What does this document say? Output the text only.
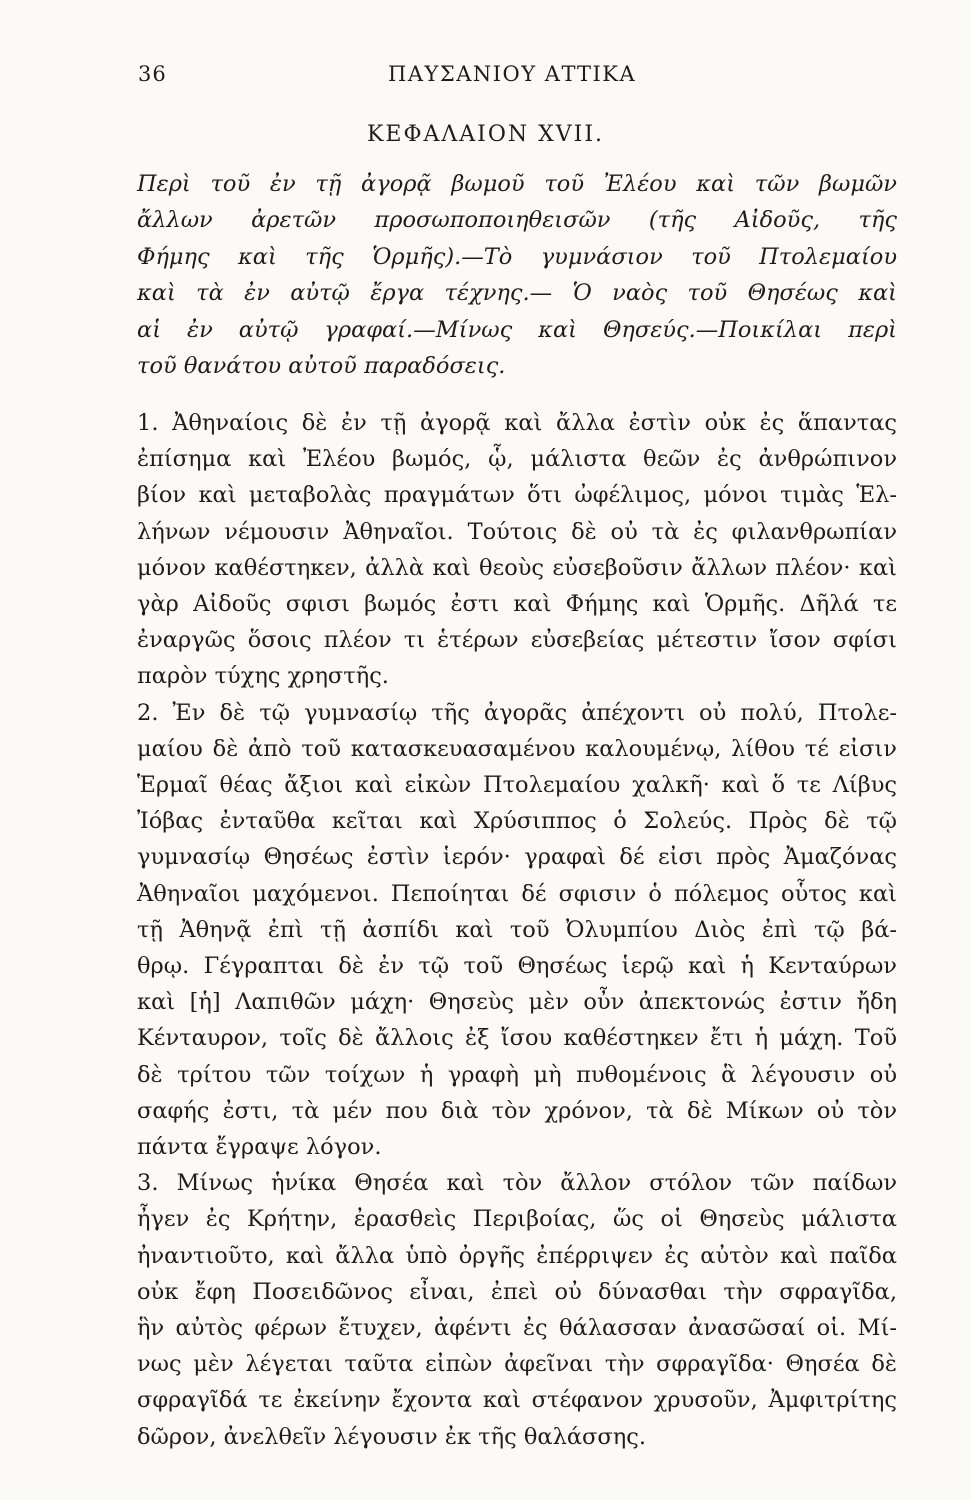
36	ΠΑΥΣΑΝΙΟΥ ΑΤΤΙΚΑ
ΚΕΦΑΛΑΙΟΝ XVII.
Περὶ τοῦ ἐν τῇ ἀγορᾷ βωμοῦ τοῦ Ἐλέου καὶ τῶν βωμῶν
ἄλλων ἀρετῶν προσωποποιηθεισῶν (τῆς Αἰδοῦς, τῆς
Φήμης καὶ τῆς Ὁρμῆς).—Τὸ γυμνάσιον τοῦ Πτολεμαίου
καὶ τὰ ἐν αὐτῷ ἔργα τέχνης.— Ὁ ναὸς τοῦ Θησέως καὶ
αἱ ἐν αὐτῷ γραφαί.—Μίνως καὶ Θησεύς.—Ποικίλαι περὶ
τοῦ θανάτου αὐτοῦ παραδόσεις.
1. Ἀθηναίοις δὲ ἐν τῇ ἀγορᾷ καὶ ἄλλα ἐστὶν οὐκ ἐς ἅπαντας
ἐπίσημα καὶ Ἐλέου βωμός, ᾧ, μάλιστα θεῶν ἐς ἀνθρώπινον
βίον καὶ μεταβολὰς πραγμάτων ὅτι ὠφέλιμος, μόνοι τιμὰς Ἑλ-
λήνων νέμουσιν Ἀθηναῖοι. Τούτοις δὲ οὐ τὰ ἐς φιλανθρωπίαν
μόνον καθέστηκεν, ἀλλὰ καὶ θεοὺς εὐσεβοῦσιν ἄλλων πλέον· καὶ
γὰρ Αἰδοῦς σφισι βωμός ἐστι καὶ Φήμης καὶ Ὁρμῆς. Δῆλά τε
ἐναργῶς ὅσοις πλέον τι ἑτέρων εὐσεβείας μέτεστιν ἴσον σφίσι
παρὸν τύχης χρηστῆς.
2. Ἐν δὲ τῷ γυμνασίῳ τῆς ἀγορᾶς ἀπέχοντι οὐ πολύ, Πτολε-
μαίου δὲ ἀπὸ τοῦ κατασκευασαμένου καλουμένῳ, λίθου τέ εἰσιν
Ἑρμαῖ θέας ἄξιοι καὶ εἰκὼν Πτολεμαίου χαλκῆ· καὶ ὅ τε Λίβυς
Ἰόβας ἐνταῦθα κεῖται καὶ Χρύσιππος ὁ Σολεύς. Πρὸς δὲ τῷ
γυμνασίῳ Θησέως ἐστὶν ἱερόν· γραφαὶ δέ εἰσι πρὸς Ἀμαζόνας
Ἀθηναῖοι μαχόμενοι. Πεποίηται δέ σφισιν ὁ πόλεμος οὗτος καὶ
τῇ Ἀθηνᾷ ἐπὶ τῇ ἀσπίδι καὶ τοῦ Ὀλυμπίου Διὸς ἐπὶ τῷ βά-
θρῳ. Γέγραπται δὲ ἐν τῷ τοῦ Θησέως ἱερῷ καὶ ἡ Κενταύρων
καὶ [ἡ] Λαπιθῶν μάχη· Θησεὺς μὲν οὖν ἀπεκτονώς ἐστιν ἤδη
Κένταυρον, τοῖς δὲ ἄλλοις ἐξ ἴσου καθέστηκεν ἔτι ἡ μάχη. Τοῦ
δὲ τρίτου τῶν τοίχων ἡ γραφὴ μὴ πυθομένοις ἃ λέγουσιν οὐ
σαφής ἐστι, τὰ μέν που διὰ τὸν χρόνον, τὰ δὲ Μίκων οὐ τὸν
πάντα ἔγραψε λόγον.
3. Μίνως ἡνίκα Θησέα καὶ τὸν ἄλλον στόλον τῶν παίδων
ἦγεν ἐς Κρήτην, ἐρασθεὶς Περιβοίας, ὥς οἱ Θησεὺς μάλιστα
ἠναντιοῦτο, καὶ ἄλλα ὑπὸ ὀργῆς ἐπέρριψεν ἐς αὐτὸν καὶ παῖδα
οὐκ ἔφη Ποσειδῶνος εἶναι, ἐπεὶ οὐ δύνασθαι τὴν σφραγῖδα,
ἣν αὐτὸς φέρων ἔτυχεν, ἀφέντι ἐς θάλασσαν ἀνασῶσαί οἱ. Μί-
νως μὲν λέγεται ταῦτα εἰπὼν ἀφεῖναι τὴν σφραγῖδα· Θησέα δὲ
σφραγῖδά τε ἐκείνην ἔχοντα καὶ στέφανον χρυσοῦν, Ἀμφιτρίτης
δῶρον, ἀνελθεῖν λέγουσιν ἐκ τῆς θαλάσσης.
